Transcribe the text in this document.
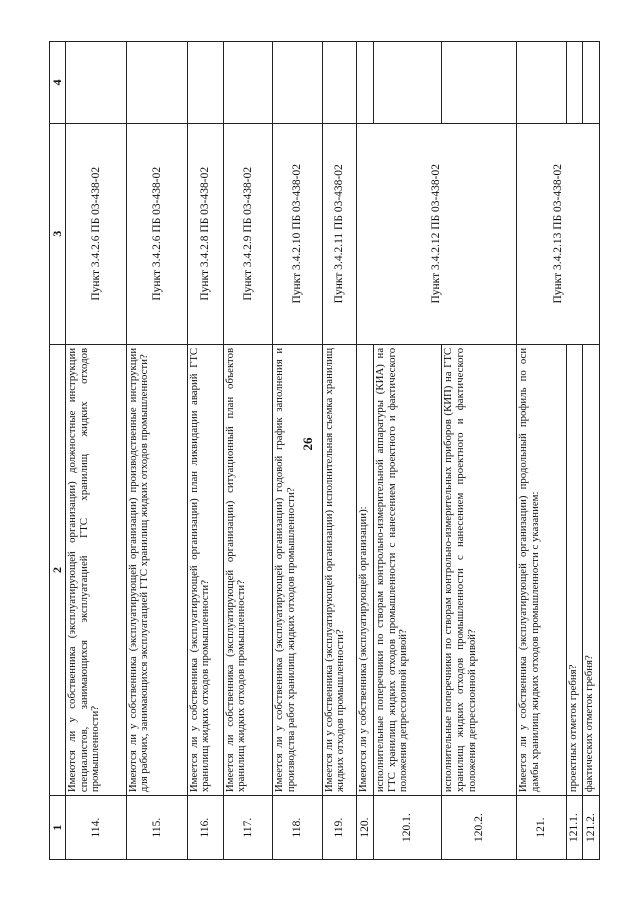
26
1	2	3	4
114.	Имеются ли у собственника (эксплуатирующей организации) должностные инструкции специалистов, занимающихся эксплуатацией ГТС хранилищ жидких отходов промышленности?	Пункт 3.4.2.6 ПБ 03-438-02	
115.	Имеются ли у собственника (эксплуатирующей организации) производственные инструкции для рабочих, занимающихся эксплуатацией ГТС хранилищ жидких отходов промышленности?	Пункт 3.4.2.6 ПБ 03-438-02	
116.	Имеется ли у собственника (эксплуатирующей организации) план ликвидации аварий ГТС хранилищ жидких отходов промышленности?	Пункт 3.4.2.8 ПБ 03-438-02	
117.	Имеется ли собственника (эксплуатирующей организации) ситуационный план объектов хранилищ жидких отходов промышленности?	Пункт 3.4.2.9 ПБ 03-438-02	
118.	Имеется ли у собственника (эксплуатирующей организации) годовой график заполнения и производства работ хранилищ жидких отходов промышленности?	Пункт 3.4.2.10 ПБ 03-438-02	
119.	Имеется ли у собственника (эксплуатирующей организации) исполнительная съемка хранилищ жидких отходов промышленности?	Пункт 3.4.2.11 ПБ 03-438-02	
120.	Имеются ли у собственника (эксплуатирующей организации):	Пункт 3.4.2.12 ПБ 03-438-02	
120.1.	исполнительные поперечники по створам контрольно-измерительной аппаратуры (КИА) на ГТС хранилищ жидких отходов промышленности с нанесением проектного и фактического положения депрессионной кривой?		
120.2.	исполнительные поперечники по створам контрольно-измерительных приборов (КИП) на ГТС хранилищ жидких отходов промышленности с нанесением проектного и фактического положения депрессионной кривой?		
121.	Имеется ли у собственника (эксплуатирующей организации) продольный профиль по оси дамбы хранилищ жидких отходов промышленности с указанием:	Пункт 3.4.2.13 ПБ 03-438-02	
121.1.	проектных отметок гребня?		
121.2.	фактических отметок гребня?		
